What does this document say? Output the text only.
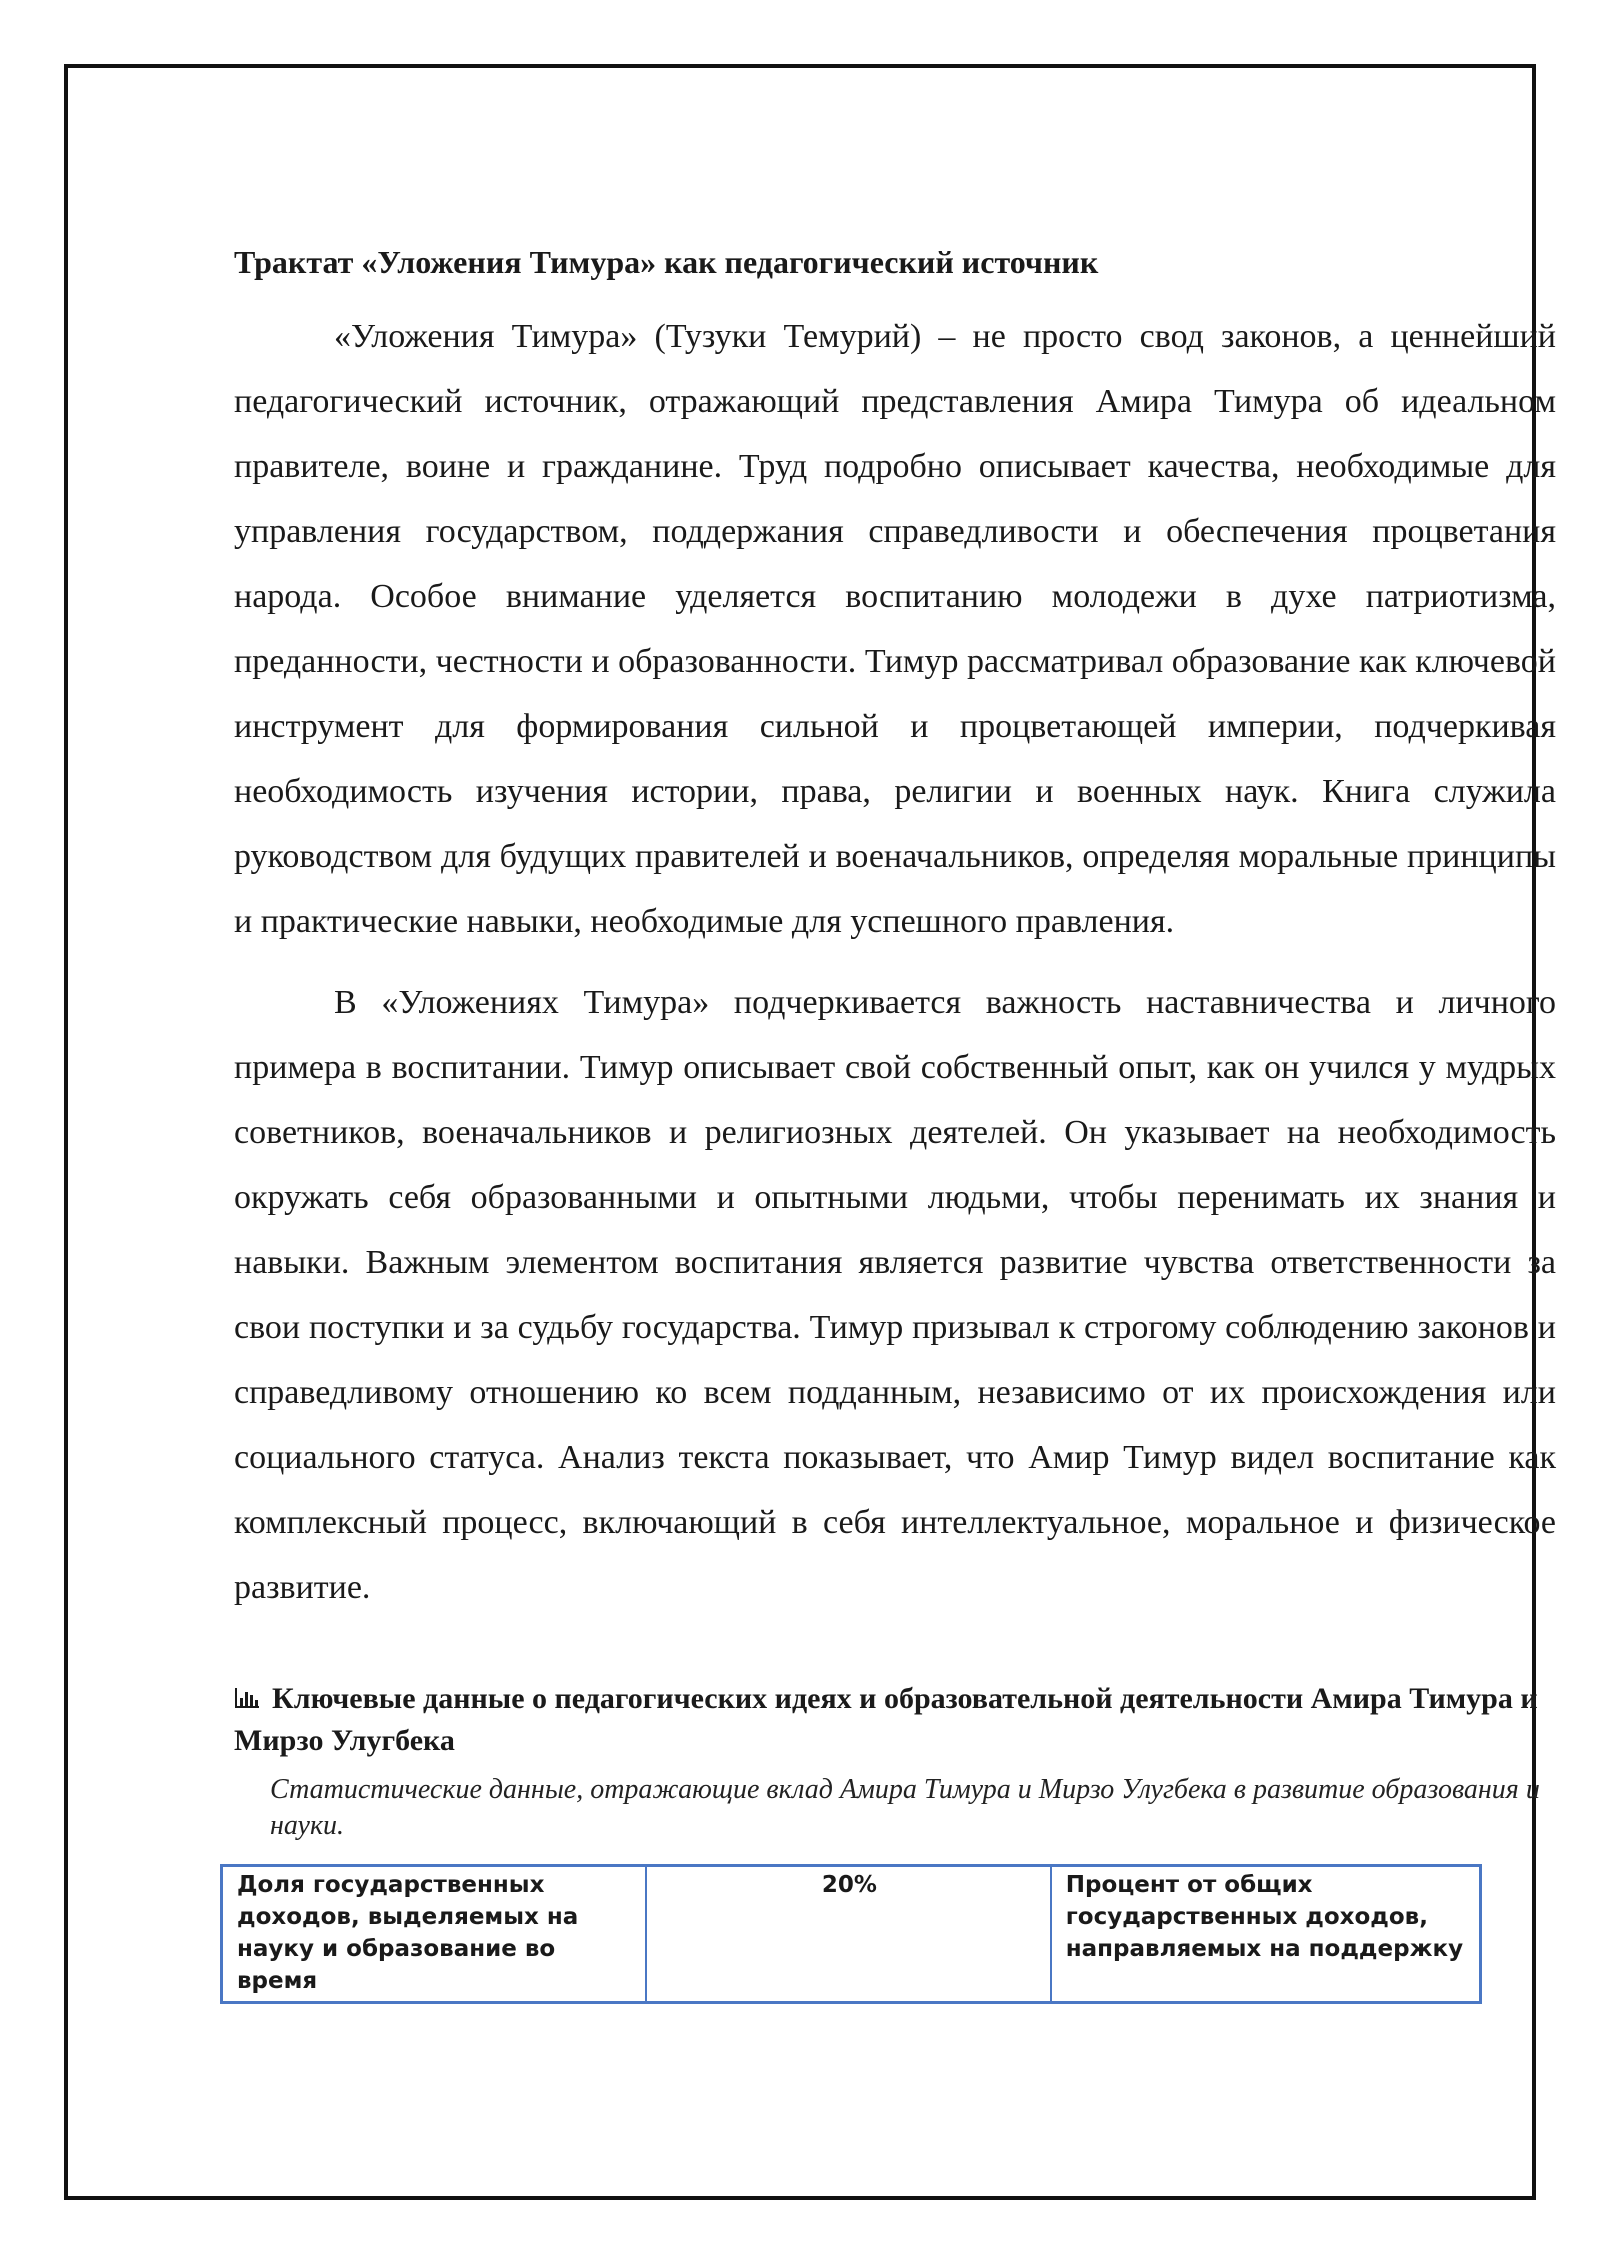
Трактат «Уложения Тимура» как педагогический источник

«Уложения Тимура» (Тузуки Темурий) – не просто свод законов, а ценнейший педагогический источник, отражающий представления Амира Тимура об идеальном правителе, воине и гражданине. Труд подробно описывает качества, необходимые для управления государством, поддержания справедливости и обеспечения процветания народа. Особое внимание уделяется воспитанию молодежи в духе патриотизма, преданности, честности и образованности. Тимур рассматривал образование как ключевой инструмент для формирования сильной и процветающей империи, подчеркивая необходимость изучения истории, права, религии и военных наук. Книга служила руководством для будущих правителей и военачальников, определяя моральные принципы и практические навыки, необходимые для успешного правления.

В «Уложениях Тимура» подчеркивается важность наставничества и личного примера в воспитании. Тимур описывает свой собственный опыт, как он учился у мудрых советников, военачальников и религиозных деятелей. Он указывает на необходимость окружать себя образованными и опытными людьми, чтобы перенимать их знания и навыки. Важным элементом воспитания является развитие чувства ответственности за свои поступки и за судьбу государства. Тимур призывал к строгому соблюдению законов и справедливому отношению ко всем подданным, независимо от их происхождения или социального статуса. Анализ текста показывает, что Амир Тимур видел воспитание как комплексный процесс, включающий в себя интеллектуальное, моральное и физическое развитие.

Ключевые данные о педагогических идеях и образовательной деятельности Амира Тимура и Мирзо Улугбека
Статистические данные, отражающие вклад Амира Тимура и Мирзо Улугбека в развитие образования и науки.
Доля государственных доходов, выделяемых на науку и образование во время	20%	Процент от общих государственных доходов, направляемых на поддержку
